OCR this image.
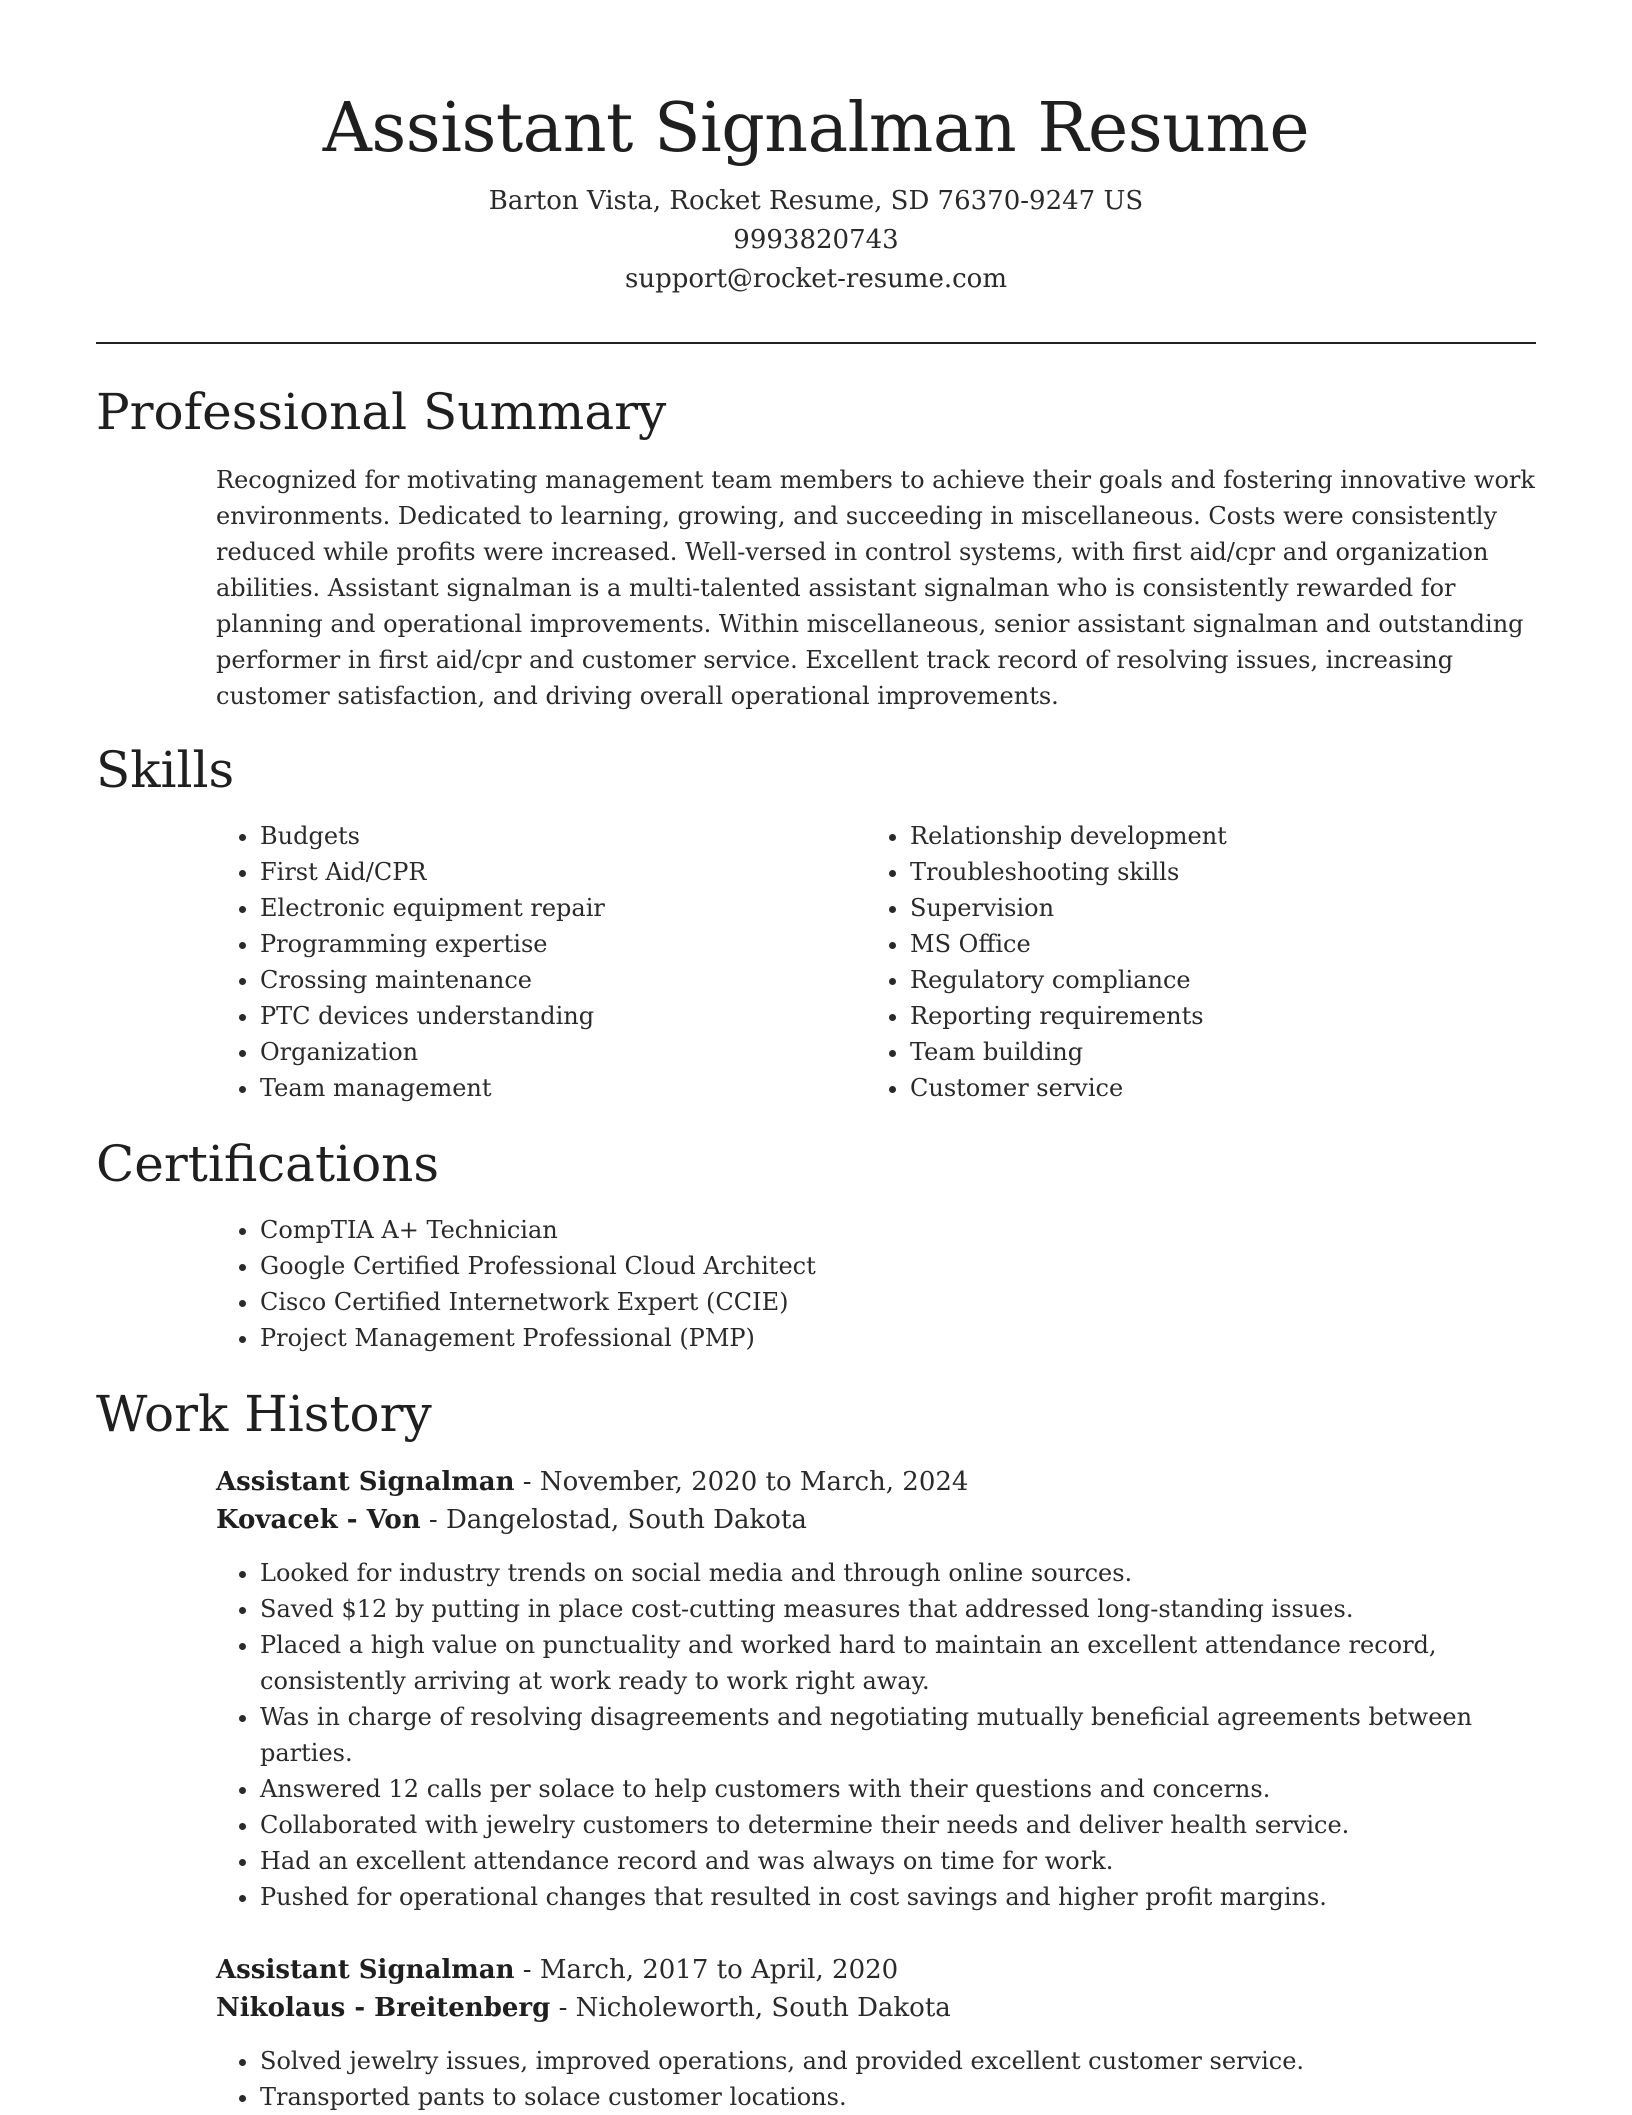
Assistant Signalman Resume
Barton Vista, Rocket Resume, SD 76370-9247 US
9993820743
support@rocket-resume.com
Professional Summary

Recognized for motivating management team members to achieve their goals and fostering innovative work environments. Dedicated to learning, growing, and succeeding in miscellaneous. Costs were consistently reduced while profits were increased. Well-versed in control systems, with first aid/cpr and organization abilities. Assistant signalman is a multi-talented assistant signalman who is consistently rewarded for planning and operational improvements. Within miscellaneous, senior assistant signalman and outstanding performer in first aid/cpr and customer service. Excellent track record of resolving issues, increasing customer satisfaction, and driving overall operational improvements.

Skills
• Budgets
• First Aid/CPR
• Electronic equipment repair
• Programming expertise
• Crossing maintenance
• PTC devices understanding
• Organization
• Team management
• Relationship development
• Troubleshooting skills
• Supervision
• MS Office
• Regulatory compliance
• Reporting requirements
• Team building
• Customer service
Certifications
• CompTIA A+ Technician
• Google Certified Professional Cloud Architect
• Cisco Certified Internetwork Expert (CCIE)
• Project Management Professional (PMP)
Work History
Assistant Signalman - November, 2020 to March, 2024
Kovacek - Von - Dangelostad, South Dakota
• Looked for industry trends on social media and through online sources.
• Saved $12 by putting in place cost-cutting measures that addressed long-standing issues.
• Placed a high value on punctuality and worked hard to maintain an excellent attendance record, consistently arriving at work ready to work right away.
• Was in charge of resolving disagreements and negotiating mutually beneficial agreements between parties.
• Answered 12 calls per solace to help customers with their questions and concerns.
• Collaborated with jewelry customers to determine their needs and deliver health service.
• Had an excellent attendance record and was always on time for work.
• Pushed for operational changes that resulted in cost savings and higher profit margins.
Assistant Signalman - March, 2017 to April, 2020
Nikolaus - Breitenberg - Nicholeworth, South Dakota
• Solved jewelry issues, improved operations, and provided excellent customer service.
• Transported pants to solace customer locations.
